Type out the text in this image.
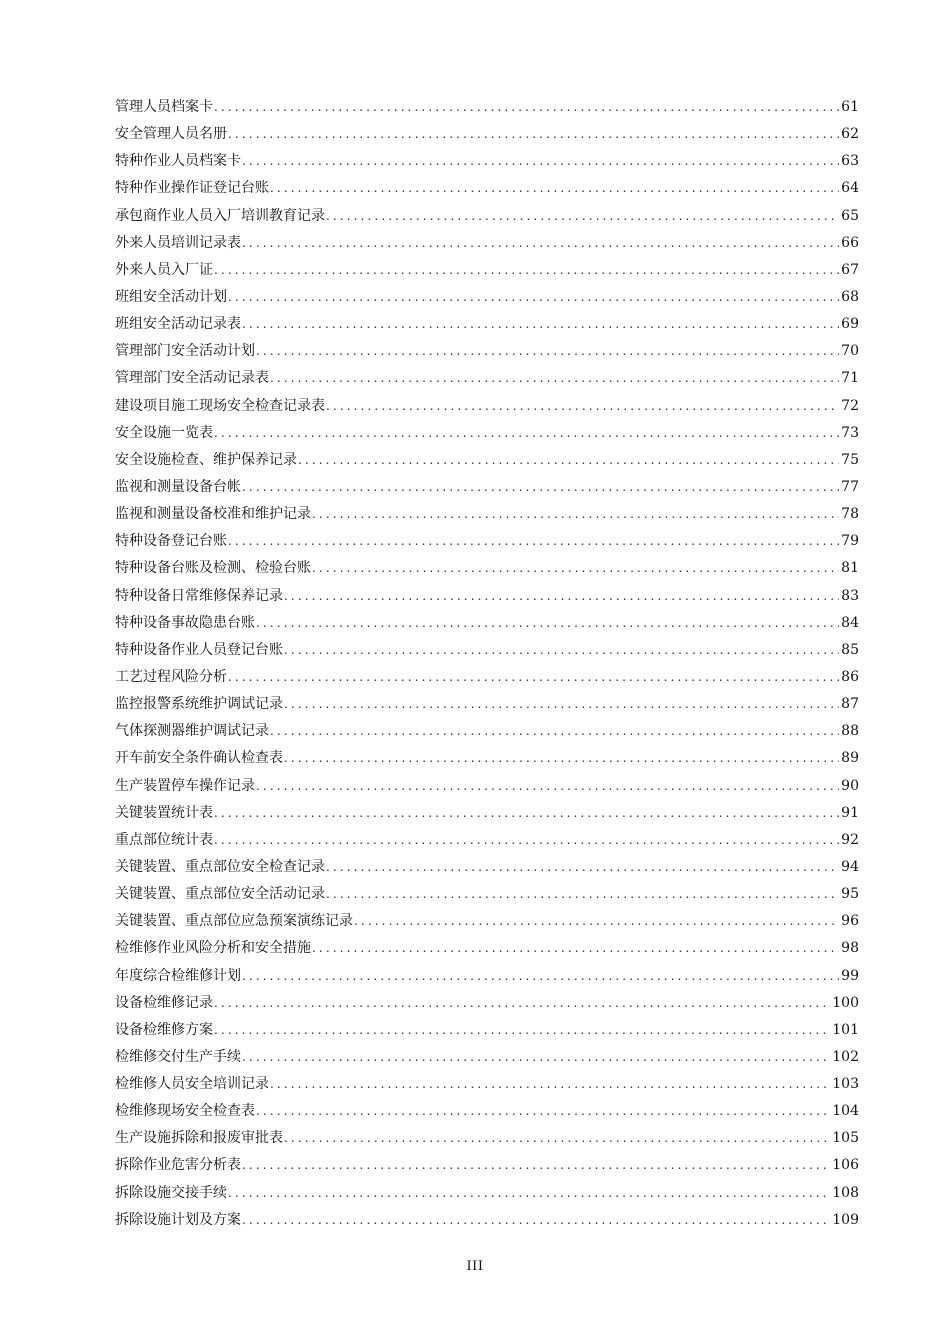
管理人员档案卡 .....	61
安全管理人员名册 .....	62
特种作业人员档案卡 .....	63
特种作业操作证登记台账 .....	64
承包商作业人员入厂培训教育记录 .....	65
外来人员培训记录表 .....	66
外来人员入厂证 .....	67
班组安全活动计划 .....	68
班组安全活动记录表 .....	69
管理部门安全活动计划 .....	70
管理部门安全活动记录表 .....	71
建设项目施工现场安全检查记录表 .....	72
安全设施一览表 .....	73
安全设施检查、维护保养记录 .....	75
监视和测量设备台帐 .....	77
监视和测量设备校准和维护记录 .....	78
特种设备登记台账 .....	79
特种设备台账及检测、检验台账 .....	81
特种设备日常维修保养记录 .....	83
特种设备事故隐患台账 .....	84
特种设备作业人员登记台账 .....	85
工艺过程风险分析 .....	86
监控报警系统维护调试记录 .....	87
气体探测器维护调试记录 .....	88
开车前安全条件确认检查表 .....	89
生产装置停车操作记录 .....	90
关键装置统计表 .....	91
重点部位统计表 .....	92
关键装置、重点部位安全检查记录 .....	94
关键装置、重点部位安全活动记录 .....	95
关键装置、重点部位应急预案演练记录 .....	96
检维修作业风险分析和安全措施 .....	98
年度综合检维修计划 .....	99
设备检维修记录 .....	100
设备检维修方案 .....	101
检维修交付生产手续 .....	102
检维修人员安全培训记录 .....	103
检维修现场安全检查表 .....	104
生产设施拆除和报废审批表 .....	105
拆除作业危害分析表 .....	106
拆除设施交接手续 .....	108
拆除设施计划及方案 .....	109
III
